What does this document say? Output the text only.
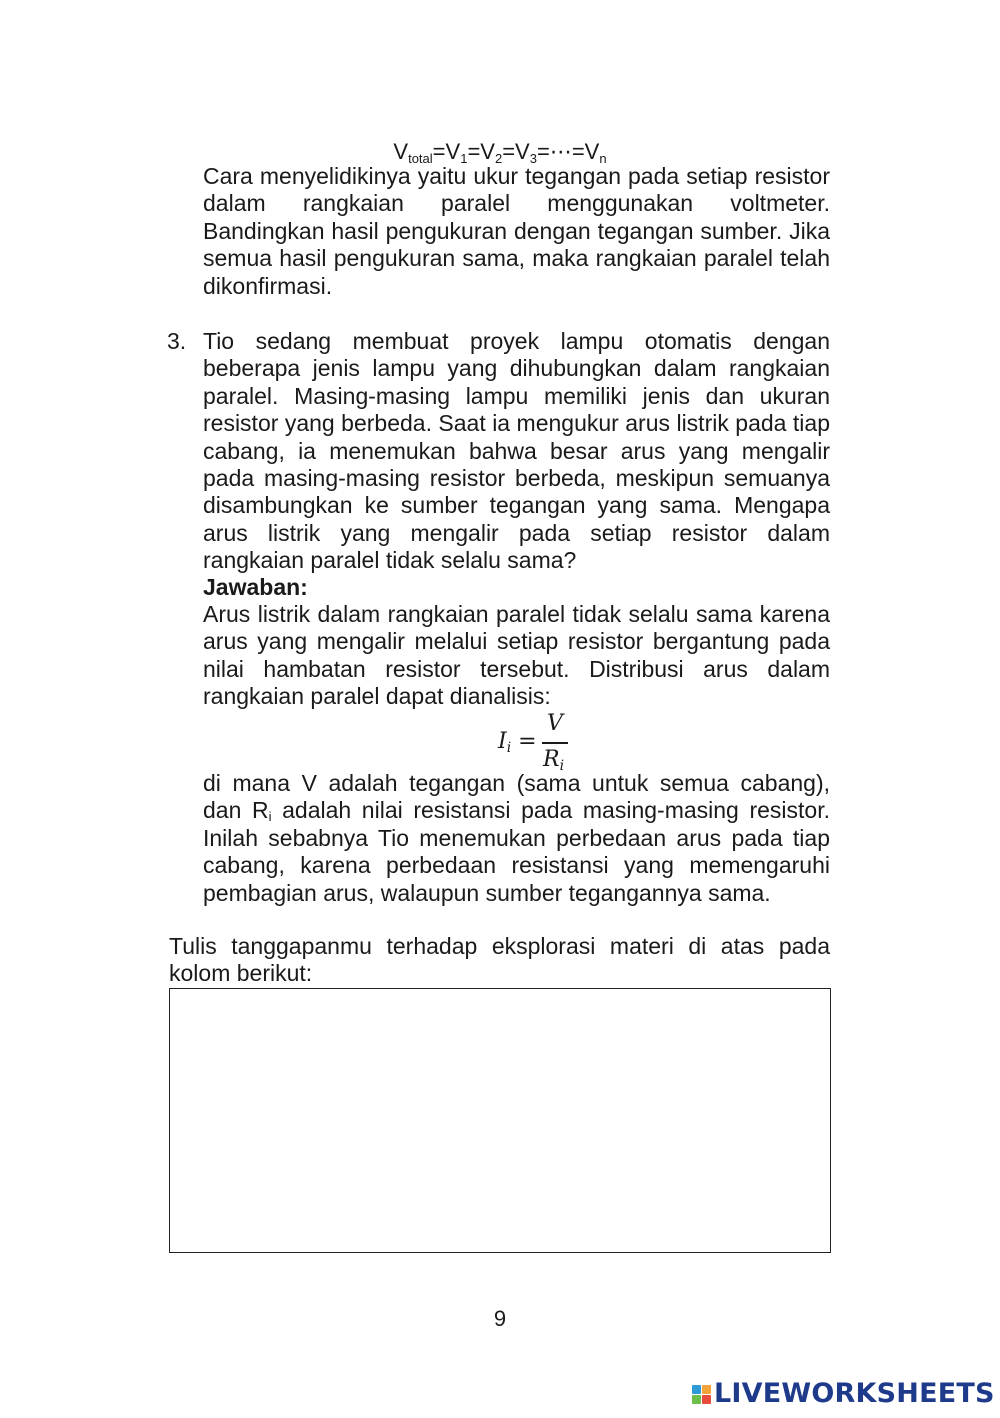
$V_{total}=V_1=V_2=V_3=\cdots=V_n$

Cara menyelidikinya yaitu ukur tegangan pada setiap resistor dalam rangkaian paralel menggunakan voltmeter. Bandingkan hasil pengukuran dengan tegangan sumber. Jika semua hasil pengukuran sama, maka rangkaian paralel telah dikonfirmasi.

3. Tio sedang membuat proyek lampu otomatis dengan beberapa jenis lampu yang dihubungkan dalam rangkaian paralel. Masing-masing lampu memiliki jenis dan ukuran resistor yang berbeda. Saat ia mengukur arus listrik pada tiap cabang, ia menemukan bahwa besar arus yang mengalir pada masing-masing resistor berbeda, meskipun semuanya disambungkan ke sumber tegangan yang sama. Mengapa arus listrik yang mengalir pada setiap resistor dalam rangkaian paralel tidak selalu sama?

Jawaban:

Arus listrik dalam rangkaian paralel tidak selalu sama karena arus yang mengalir melalui setiap resistor bergantung pada nilai hambatan resistor tersebut. Distribusi arus dalam rangkaian paralel dapat dianalisis:

$I_i$ =
V
$R_i$

di mana V adalah tegangan (sama untuk semua cabang), dan $R_i$ adalah nilai resistansi pada masing-masing resistor. Inilah sebabnya Tio menemukan perbedaan arus pada tiap cabang, karena perbedaan resistansi yang memengaruhi pembagian arus, walaupun sumber tegangannya sama.

Tulis tanggapanmu terhadap eksplorasi materi di atas pada kolom berikut:

9
LIVEWORKSHEETS
